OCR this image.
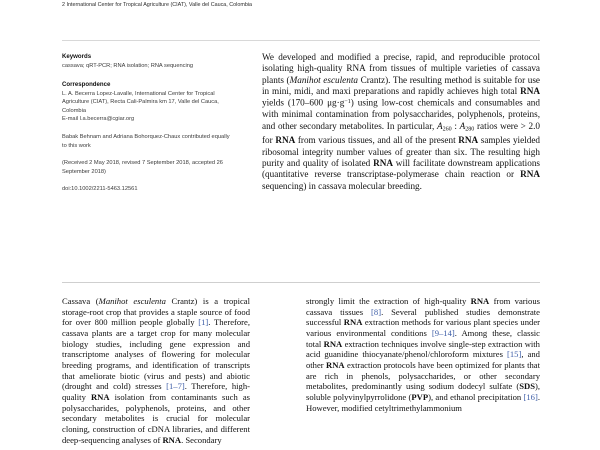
2 International Center for Tropical Agriculture (CIAT), Valle del Cauca, Colombia
Keywords
cassava; qRT-PCR; RNA isolation; RNA sequencing
Correspondence
L. A. Becerra Lopez-Lavalle, International Center for Tropical Agriculture (CIAT), Recta Cali-Palmira km 17, Valle del Cauca, Colombia
E-mail l.a.becerra@cgiar.org
Babak Behnam and Adriana Bohorquez-Chaux contributed equally to this work
(Received 2 May 2018, revised 7 September 2018, accepted 26 September 2018)
doi:10.1002/2211-5463.12561
We developed and modified a precise, rapid, and reproducible protocol isolating high-quality RNA from tissues of multiple varieties of cassava plants (Manihot esculenta Crantz). The resulting method is suitable for use in mini, midi, and maxi preparations and rapidly achieves high total RNA yields (170–600 $\mu g\cdot g^{-1}$) using low-cost chemicals and consumables and with minimal contamination from polysaccharides, polyphenols, proteins, and other secondary metabolites. In particular, $A_{260}$ : $A_{280}$ ratios were > 2.0 for RNA from various tissues, and all of the present RNA samples yielded ribosomal integrity number values of greater than six. The resulting high purity and quality of isolated RNA will facilitate downstream applications (quantitative reverse transcriptase-polymerase chain reaction or RNA sequencing) in cassava molecular breeding.
Cassava (Manihot esculenta Crantz) is a tropical storage-root crop that provides a staple source of food for over 800 million people globally [1]. Therefore, cassava plants are a target crop for many molecular biology studies, including gene expression and transcriptome analyses of flowering for molecular breeding programs, and identification of transcripts that ameliorate biotic (virus and pests) and abiotic (drought and cold) stresses [1–7]. Therefore, high-quality RNA isolation from contaminants such as polysaccharides, polyphenols, proteins, and other secondary metabolites is crucial for molecular cloning, construction of cDNA libraries, and different deep-sequencing analyses of RNA. Secondary
strongly limit the extraction of high-quality RNA from various cassava tissues [8]. Several published studies demonstrate successful RNA extraction methods for various plant species under various environmental conditions [9–14]. Among these, classic total RNA extraction techniques involve single-step extraction with acid guanidine thiocyanate/phenol/chloroform mixtures [15], and other RNA extraction protocols have been optimized for plants that are rich in phenols, polysaccharides, or other secondary metabolites, predominantly using sodium dodecyl sulfate (SDS), soluble polyvinylpyrrolidone (PVP), and ethanol precipitation [16]. However, modified cetyltrimethylammonium
